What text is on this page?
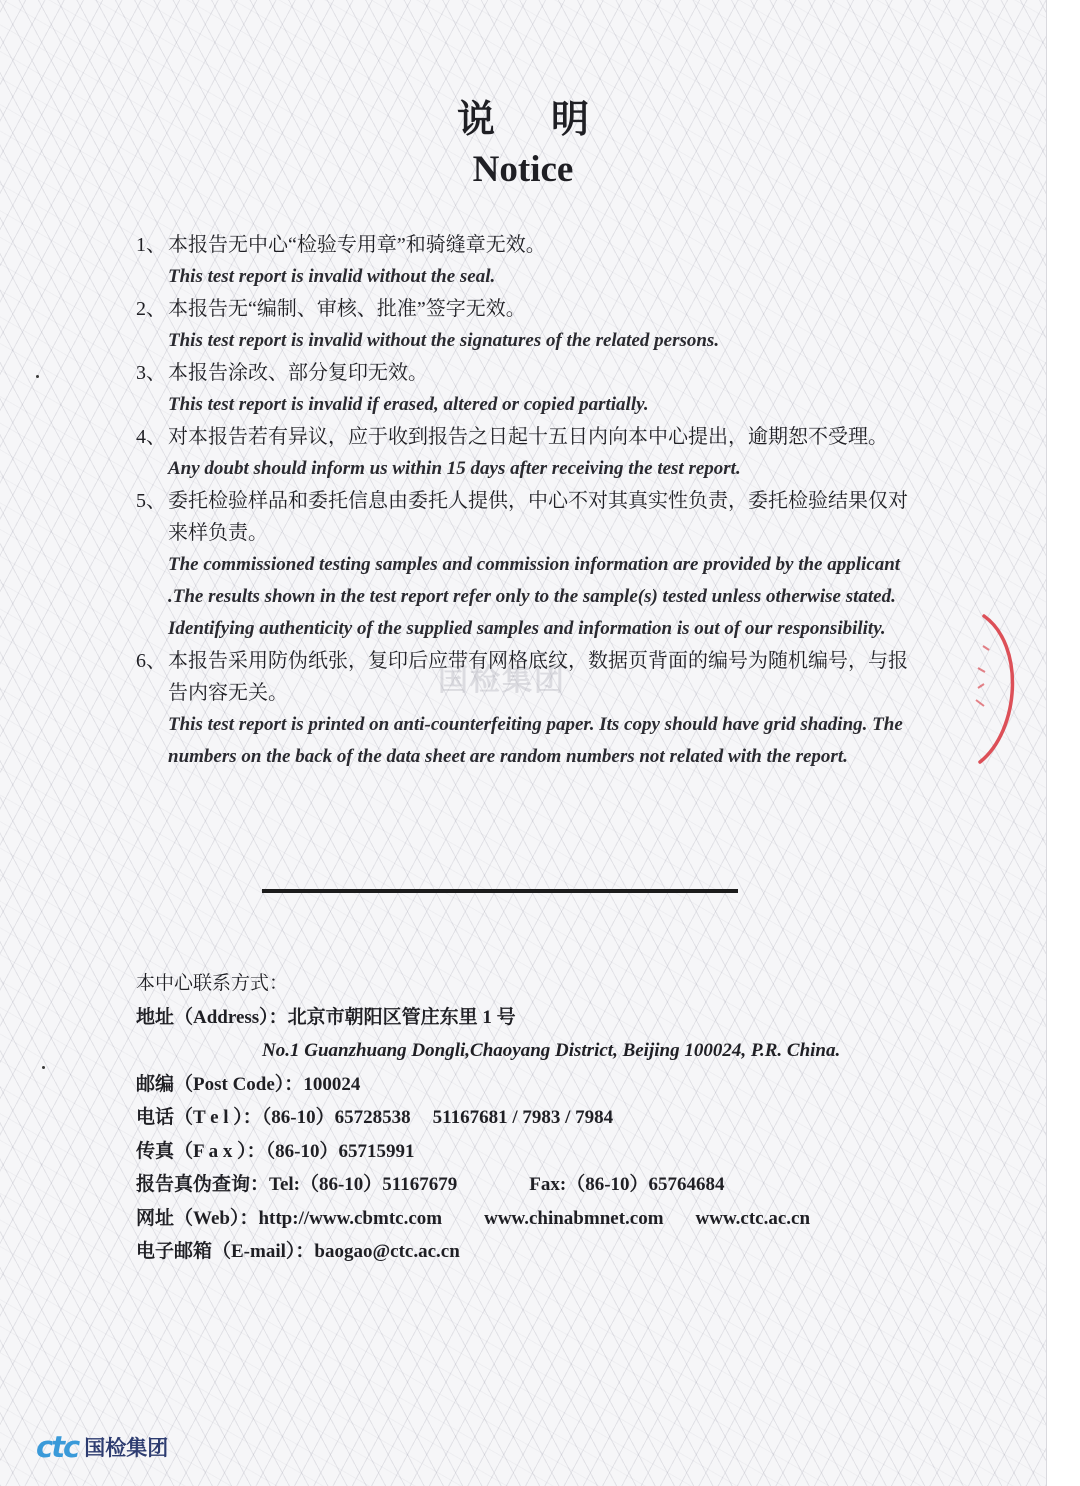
说明
Notice
国检集团
1、 本报告无中心“检验专用章”和骑缝章无效。
This test report is invalid without the seal.
2、 本报告无“编制、审核、批准”签字无效。
This test report is invalid without the signatures of the related persons.
3、 本报告涂改、部分复印无效。
This test report is invalid if erased, altered or copied partially.
4、 对本报告若有异议，应于收到报告之日起十五日内向本中心提出，逾期恕不受理。
Any doubt should inform us within 15 days after receiving the test report.
5、 委托检验样品和委托信息由委托人提供，中心不对其真实性负责，委托检验结果仅对来样负责。
The commissioned testing samples and commission information are provided by the applicant .The results shown in the test report refer only to the sample(s) tested unless otherwise stated. Identifying authenticity of the supplied samples and information is out of our responsibility.
6、 本报告采用防伪纸张，复印后应带有网格底纹，数据页背面的编号为随机编号，与报告内容无关。
This test report is printed on anti-counterfeiting paper. Its copy should have grid shading. The numbers on the back of the data sheet are random numbers not related with the report.
本中心联系方式：
地址（Address）：北京市朝阳区管庄东里 1 号
No.1 Guanzhuang Dongli,Chaoyang District, Beijing 100024, P.R. China.
邮编（Post Code）：100024
电话（T e l ）：（86-10）65728538 51167681 / 7983 / 7984
传真（F a x ）：（86-10）65715991
报告真伪查询：Tel:（86-10）51167679	Fax:（86-10）65764684
网址（Web）：http://www.cbmtc.com www.chinabmnet.com www.ctc.ac.cn
电子邮箱（E-mail）：baogao@ctc.ac.cn
ctc 国检集团
